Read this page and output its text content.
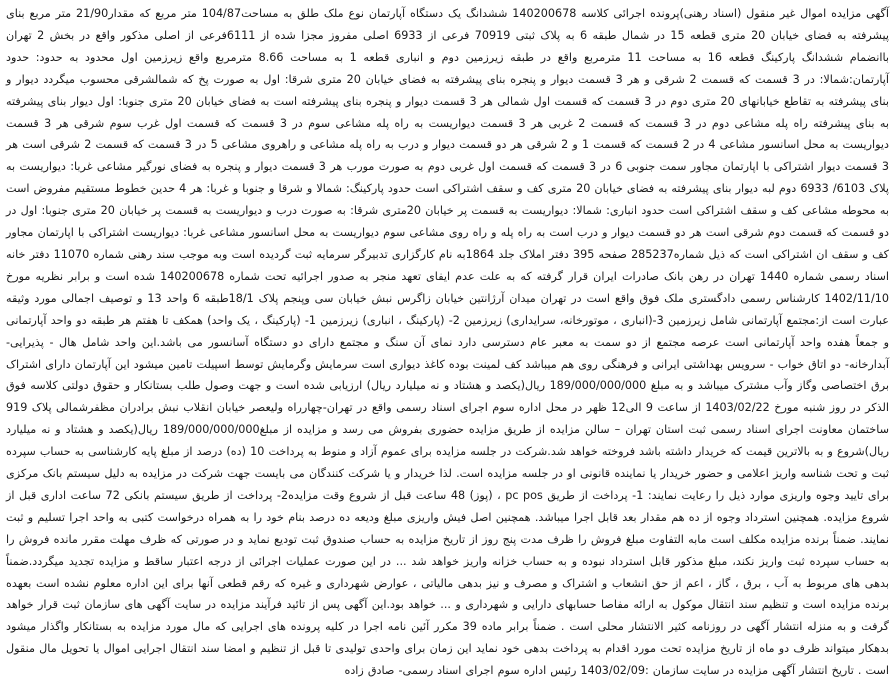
آگهی مزایده اموال غیر منقول (اسناد رهنی)پرونده اجرائی کلاسه 140200678 ششدانگ یک دستگاه آپارتمان نوع ملک طلق به مساحت104/87 متر مربع که مقدار21/90 متر مربع بنای پیشرفته به فضای خیابان 20 متری قطعه 15 در شمال طبقه 6 به پلاک ثبتی 70919 فرعی از 6933 اصلی مفروز مجزا شده از 6111فرعی از اصلی مذکور واقع در بخش 2 تهران باانضمام ششدانگ پارکینگ قطعه 16 به مساحت 11 مترمربع واقع در طبقه زیرزمین دوم و انباری قطعه 1 به مساحت 8.66 مترمربع واقع زیرزمین اول محدود به حدود: حدود آپارتمان:شمالا: در 3 قسمت که قسمت 2 شرقی و هر 3 قسمت دیوار و پنجره بنای پیشرفته به فضای خیابان 20 متری شرقا: اول به صورت پخ که شمالشرقی محسوب میگردد دیوار و بنای پیشرفته به تقاطع خیابانهای 20 متری دوم در 3 قسمت که قسمت اول شمالی هر 3 قسمت دیوار و پنجره بنای پیشرفته است به فضای خیابان 20 متری جنوبا: اول دیوار بنای پیشرفته به بنای پیشرفته راه پله مشاعی دوم در 3 قسمت که قسمت 2 غربی هر 3 قسمت دیواریست به راه پله مشاعی سوم در 3 قسمت که قسمت اول غرب سوم شرقی هر 3 قسمت دیواریست به محل اسانسور مشاعی 4 در 2 قسمت که قسمت 1 و 2 شرقی هر دو قسمت دیوار و درب به راه پله مشاعی و راهروی مشاعی 5 در 3 قسمت که قسمت 2 شرقی است هر 3 قسمت دیوار اشتراکی با اپارتمان مجاور سمت جنوبی 6 در 3 قسمت که قسمت اول غربی دوم به صورت مورب هر 3 قسمت دیوار و پنجره به فضای نورگیر مشاعی غربا: دیواریست به پلاک 6103/ 6933 دوم لبه دیوار بنای پیشرفته به فضای خیابان 20 متری کف و سقف اشتراکی است حدود پارکینگ: شمالا و شرقا و جنوبا و غربا: هر 4 حدین خطوط مستقیم مفروض است به محوطه مشاعی کف و سقف اشتراکی است حدود انباری: شمالا: دیواریست به قسمت پر خیابان 20متری شرقا: به صورت درب و دیواریست به قسمت پر خیابان 20 متری جنوبا: اول در دو قسمت که قسمت دوم شرقی است هر دو قسمت دیوار و درب است به راه پله و راه روی مشاعی سوم دیواریست به محل اسانسور مشاعی غربا: دیواریست اشتراکی با اپارتمان مجاور کف و سقف ان اشتراکی است که ذیل شماره285237 صفحه 395 دفتر املاک جلد 1864به نام کارگزاری تدبیرگر سرمایه ثبت گردیده است وبه موجب سند رهنی شماره 11070 دفتر خانه اسناد رسمی شماره 1440 تهران در رهن بانک صادرات ایران قرار گرفته که به علت عدم ایفای تعهد منجر به صدور اجرائیه تحت شماره 140200678 شده است و برابر نظریه مورخ 1402/11/10 کارشناس رسمی دادگستری ملک فوق واقع است در تهران میدان آرژانتین خیابان زاگرس نبش خیابان سی وپنجم پلاک 18/1طبقه 6 واحد 13 و توصیف اجمالی مورد وثیقه عبارت است از:مجتمع آپارتمانی شامل زیرزمین 3-(انباری ، موتورخانه، سرایداری) زیرزمین 2- (پارکینگ ، انباری) زیرزمین 1- (پارکینگ ، یک واحد) همکف تا هفتم هر طبقه دو واحد آپارتمانی و جمعاً هفده واحد آپارتمانی است عرصه مجتمع از دو سمت به معبر عام دسترسی دارد نمای آن سنگ و مجتمع دارای دو دستگاه آسانسور می باشد.این واحد شامل هال - پذیرایی- آبدارخانه- دو اتاق خواب - سرویس بهداشتی ایرانی و فرهنگی روی هم میباشد کف لمینت بوده کاغذ دیواری است سرمایش وگرمایش توسط اسپیلت تامین میشود این آپارتمان دارای اشتراک برق اختصاصی وگاز وآب مشترک میباشد و به مبلغ 189/000/000/000 ریال(یکصد و هشتاد و نه میلیارد ریال) ارزیابی شده است و جهت وصول طلب بستانکار و حقوق دولتی کلاسه فوق الذکر در روز شنبه مورخ 1403/02/22 از ساعت 9 الی12 ظهر در محل اداره سوم اجرای اسناد رسمی واقع در تهران-چهارراه ولیعصر خیابان انقلاب نبش برادران مظفرشمالی پلاک 919 ساختمان معاونت اجرای اسناد رسمی ثبت استان تهران – سالن مزایده از طریق مزایده حضوری بفروش می رسد و مزایده از مبلغ189/000/000/000 ریال(یکصد و هشتاد و نه میلیارد ریال)شروع و به بالاترین قیمت که خریدار داشته باشد فروخته خواهد شد.شرکت در جلسه مزایده برای عموم آزاد و منوط به پرداخت 10 (ده) درصد از مبلغ پایه کارشناسی به حساب سپرده ثبت و تحت شناسه واریز اعلامی و حضور خریدار یا نماینده قانونی او در جلسه مزایده است. لذا خریدار و یا شرکت کنندگان می بایست جهت شرکت در مزایده به دلیل سیستم بانک مرکزی برای تایید وجوه واریزی موارد ذیل را رعایت نمایند: 1- پرداخت از طریق pc pos ، (پوز) 48 ساعت قبل از شروع وقت مزایده2- پرداخت از طریق سیستم بانکی 72 ساعت اداری قبل از شروع مزایده. همچنین استرداد وجوه از ده هم مقدار بعد قابل اجرا میباشد. همچنین اصل فیش واریزی مبلغ ودیعه ده درصد بنام خود را به همراه درخواست کتبی به واحد اجرا تسلیم و ثبت نمایند. ضمناً برنده مزایده مکلف است مابه التفاوت مبلغ فروش را ظرف مدت پنج روز از تاریخ مزایده به حساب صندوق ثبت تودیع نماید و در صورتی که ظرف مهلت مقرر مانده فروش را به حساب سپرده ثبت واریز نکند، مبلغ مذکور قابل استرداد نبوده و به حساب خزانه واریز خواهد شد ... در این صورت عملیات اجرائی از درجه اعتبار ساقط و مزایده تجدید میگردد.ضمناً بدهی های مربوط به آب ، برق ، گاز ، اعم از حق انشعاب و اشتراک و مصرف و نیز بدهی مالیاتی ، عوارض شهرداری و غیره که رقم قطعی آنها برای این اداره معلوم نشده است بعهده برنده مزایده است و تنظیم سند انتقال موکول به ارائه مفاصا حسابهای دارایی و شهرداری و ... خواهد بود.این آگهی پس از تائید فرآیند مزایده در سایت آگهی های سازمان ثبت قرار خواهد گرفت و به منزله انتشار آگهی در روزنامه کثیر الانتشار محلی است . ضمناً برابر ماده 39 مکرر آئین نامه اجرا در کلیه پرونده های اجرایی که مال مورد مزایده به بستانکار واگذار میشود بدهکار میتواند ظرف دو ماه از تاریخ مزایده تحت مورد اقدام به پرداخت بدهی خود نماید این زمان برای واحدی تولیدی تا قبل از تنظیم و امضا سند انتقال اجرایی اموال یا تحویل مال منقول است . تاریخ انتشار آگهی مزایده در سایت سازمان :1403/02/09 رئیس اداره سوم اجرای اسناد رسمی- صادق زاده
